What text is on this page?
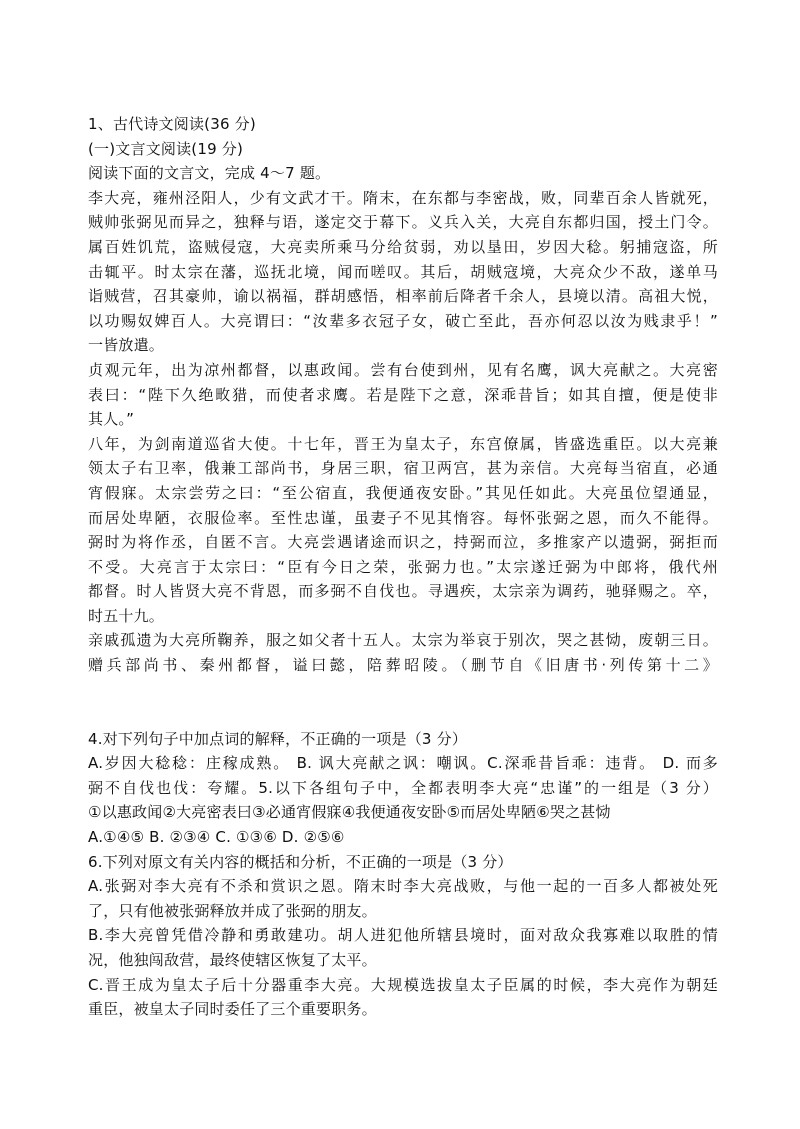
1、古代诗文阅读(36 分)
(一)文言文阅读(19 分)
阅读下面的文言文，完成 4～7 题。
李大亮，雍州泾阳人，少有文武才干。隋末，在东都与李密战，败，同辈百余人皆就死，
贼帅张弼见而异之，独释与语，遂定交于幕下。义兵入关，大亮自东都归国，授土门令。
属百姓饥荒，盗贼侵寇，大亮卖所乘马分给贫弱，劝以垦田，岁因大稔。躬捕寇盗，所
击辄平。时太宗在藩，巡抚北境，闻而嗟叹。其后，胡贼寇境，大亮众少不敌，遂单马
诣贼营，召其豪帅，谕以祸福，群胡感悟，相率前后降者千余人，县境以清。高祖大悦，
以功赐奴婢百人。大亮谓曰：“汝辈多衣冠子女，破亡至此，吾亦何忍以汝为贱隶乎！”
一皆放遣。
贞观元年，出为凉州都督，以惠政闻。尝有台使到州，见有名鹰，讽大亮献之。大亮密
表曰：“陛下久绝畋猎，而使者求鹰。若是陛下之意，深乖昔旨；如其自擅，便是使非
其人。”
八年，为剑南道巡省大使。十七年，晋王为皇太子，东宫僚属，皆盛选重臣。以大亮兼
领太子右卫率，俄兼工部尚书，身居三职，宿卫两宫，甚为亲信。大亮每当宿直，必通
宵假寐。太宗尝劳之曰：“至公宿直，我便通夜安卧。”其见任如此。大亮虽位望通显，
而居处卑陋，衣服俭率。至性忠谨，虽妻子不见其惰容。每怀张弼之恩，而久不能得。
弼时为将作丞，自匿不言。大亮尝遇诸途而识之，持弼而泣，多推家产以遗弼，弼拒而
不受。大亮言于太宗曰：“臣有今日之荣，张弼力也。”太宗遂迁弼为中郎将，俄代州
都督。时人皆贤大亮不背恩，而多弼不自伐也。寻遇疾，太宗亲为调药，驰驿赐之。卒，
时五十九。
亲戚孤遗为大亮所鞠养，服之如父者十五人。太宗为举哀于别次，哭之甚恸，废朝三日。
赠兵部尚书、秦州都督，谥曰懿，陪葬昭陵。（删节自《旧唐书·列传第十二》
4.对下列句子中加点词的解释，不正确的一项是（3 分）
A.岁因大稔稔：庄稼成熟。 B. 讽大亮献之讽：嘲讽。C.深乖昔旨乖：违背。 D. 而多
弼不自伐也伐：夸耀。5.以下各组句子中，全都表明李大亮“忠谨”的一组是（3 分）
①以惠政闻②大亮密表曰③必通宵假寐④我便通夜安卧⑤而居处卑陋⑥哭之甚恸
A.①④⑤ B. ②③④ C. ①③⑥ D. ②⑤⑥
6.下列对原文有关内容的概括和分析，不正确的一项是（3 分）
A.张弼对李大亮有不杀和赏识之恩。隋末时李大亮战败，与他一起的一百多人都被处死
了，只有他被张弼释放并成了张弼的朋友。
B.李大亮曾凭借冷静和勇敢建功。胡人进犯他所辖县境时，面对敌众我寡难以取胜的情
况，他独闯敌营，最终使辖区恢复了太平。
C.晋王成为皇太子后十分器重李大亮。大规模选拔皇太子臣属的时候，李大亮作为朝廷
重臣，被皇太子同时委任了三个重要职务。
